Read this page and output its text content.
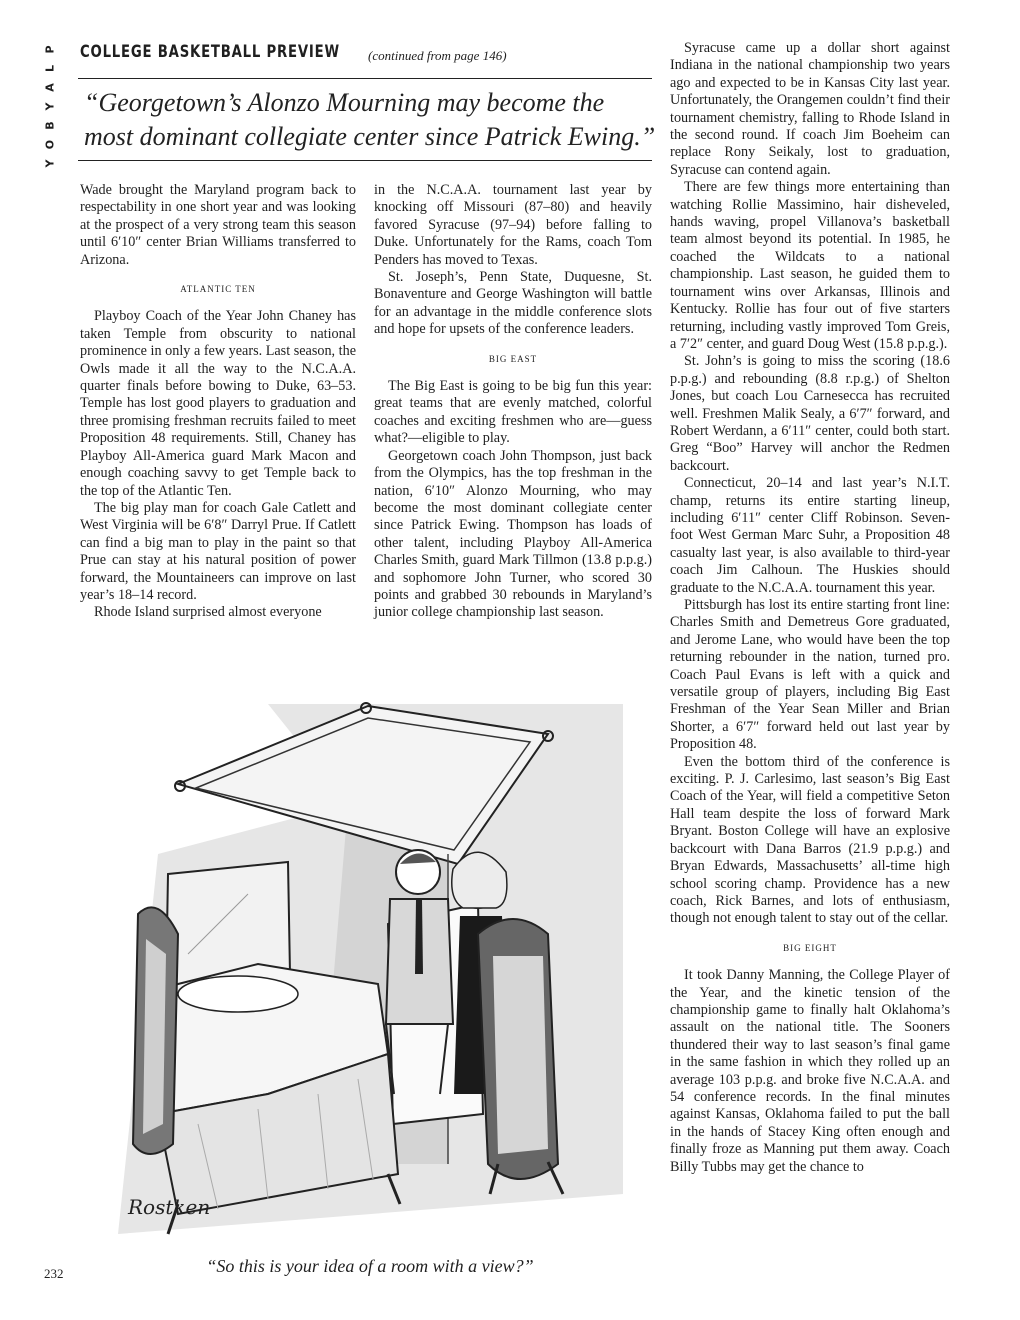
P
L
A
Y
B
O
Y
COLLEGE BASKETBALL PREVIEW (continued from page 146)
“Georgetown’s Alonzo Mourning may become the most dominant collegiate center since Patrick Ewing.”

Wade brought the Maryland program back to respectability in one short year and was looking at the prospect of a very strong team this season until 6′10″ center Brian Williams transferred to Arizona.

ATLANTIC TEN

Playboy Coach of the Year John Chaney has taken Temple from obscurity to national prominence in only a few years. Last season, the Owls made it all the way to the N.C.A.A. quarter finals before bowing to Duke, 63–53. Temple has lost good players to graduation and three promising freshman recruits failed to meet Proposition 48 requirements. Still, Chaney has Playboy All-America guard Mark Macon and enough coaching savvy to get Temple back to the top of the Atlantic Ten.

The big play man for coach Gale Catlett and West Virginia will be 6′8″ Darryl Prue. If Catlett can find a big man to play in the paint so that Prue can stay at his natural position of power forward, the Mountaineers can improve on last year’s 18–14 record.

Rhode Island surprised almost everyone

in the N.C.A.A. tournament last year by knocking off Missouri (87–80) and heavily favored Syracuse (97–94) before falling to Duke. Unfortunately for the Rams, coach Tom Penders has moved to Texas.

St. Joseph’s, Penn State, Duquesne, St. Bonaventure and George Washington will battle for an advantage in the middle conference slots and hope for upsets of the conference leaders.

BIG EAST

The Big East is going to be big fun this year: great teams that are evenly matched, colorful coaches and exciting freshmen who are—guess what?—eligible to play.

Georgetown coach John Thompson, just back from the Olympics, has the top freshman in the nation, 6′10″ Alonzo Mourning, who may become the most dominant collegiate center since Patrick Ewing. Thompson has loads of other talent, including Playboy All-America Charles Smith, guard Mark Tillmon (13.8 p.p.g.) and sophomore John Turner, who scored 30 points and grabbed 30 rebounds in Maryland’s junior college championship last season.

Syracuse came up a dollar short against Indiana in the national championship two years ago and expected to be in Kansas City last year. Unfortunately, the Orangemen couldn’t find their tournament chemistry, falling to Rhode Island in the second round. If coach Jim Boeheim can replace Rony Seikaly, lost to graduation, Syracuse can contend again.

There are few things more entertaining than watching Rollie Massimino, hair disheveled, hands waving, propel Villanova’s basketball team almost beyond its potential. In 1985, he coached the Wildcats to a national championship. Last season, he guided them to tournament wins over Arkansas, Illinois and Kentucky. Rollie has four out of five starters returning, including vastly improved Tom Greis, a 7′2″ center, and guard Doug West (15.8 p.p.g.).

St. John’s is going to miss the scoring (18.6 p.p.g.) and rebounding (8.8 r.p.g.) of Shelton Jones, but coach Lou Carnesecca has recruited well. Freshmen Malik Sealy, a 6′7″ forward, and Robert Werdann, a 6′11″ center, could both start. Greg “Boo” Harvey will anchor the Redmen backcourt.

Connecticut, 20–14 and last year’s N.I.T. champ, returns its entire starting lineup, including 6′11″ center Cliff Robinson. Seven-foot West German Marc Suhr, a Proposition 48 casualty last year, is also available to third-year coach Jim Calhoun. The Huskies should graduate to the N.C.A.A. tournament this year.

Pittsburgh has lost its entire starting front line: Charles Smith and Demetreus Gore graduated, and Jerome Lane, who would have been the top returning rebounder in the nation, turned pro. Coach Paul Evans is left with a quick and versatile group of players, including Big East Freshman of the Year Sean Miller and Brian Shorter, a 6′7″ forward held out last year by Proposition 48.

Even the bottom third of the conference is exciting. P. J. Carlesimo, last season’s Big East Coach of the Year, will field a competitive Seton Hall team despite the loss of forward Mark Bryant. Boston College will have an explosive backcourt with Dana Barros (21.9 p.p.g.) and Bryan Edwards, Massachusetts’ all-time high school scoring champ. Providence has a new coach, Rick Barnes, and lots of enthusiasm, though not enough talent to stay out of the cellar.

BIG EIGHT

It took Danny Manning, the College Player of the Year, and the kinetic tension of the championship game to finally halt Oklahoma’s assault on the national title. The Sooners thundered their way to last season’s final game in the same fashion in which they rolled up an average 103 p.p.g. and broke five N.C.A.A. and 54 conference records. In the final minutes against Kansas, Oklahoma failed to put the ball in the hands of Stacey King often enough and finally froze as Manning put them away. Coach Billy Tubbs may get the chance to

Rostken
“So this is your idea of a room with a view?”
232
